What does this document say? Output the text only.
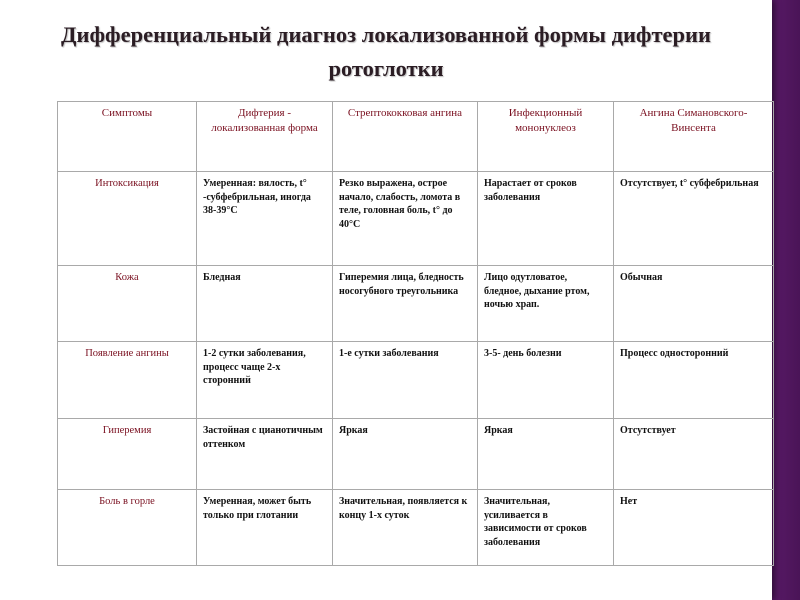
Дифференциальный диагноз локализованной формы дифтерии
ротоглотки
Симптомы	Дифтерия - локализованная форма	Стрептококковая ангина	Инфекционный мононуклеоз	Ангина Симановского-Винсента
Интоксикация	Умеренная: вялость, t° -субфебрильная, иногда 38-39°С	Резко выражена, острое начало, слабость, ломота в теле, головная боль, t° до 40°С	Нарастает от сроков заболевания	Отсутствует, t° субфебрильная
Кожа	Бледная	Гиперемия лица, бледность носогубного треугольника	Лицо одутловатое, бледное, дыхание ртом, ночью храп.	Обычная
Появление ангины	1-2 сутки заболевания, процесс чаще 2-х сторонний	1-е сутки заболевания	3-5- день болезни	Процесс односторонний
Гиперемия	Застойная с цианотичным оттенком	Яркая	Яркая	Отсутствует
Боль в горле	Умеренная, может быть только при глотании	Значительная, появляется к концу 1-х суток	Значительная, усиливается в зависимости от сроков заболевания	Нет
